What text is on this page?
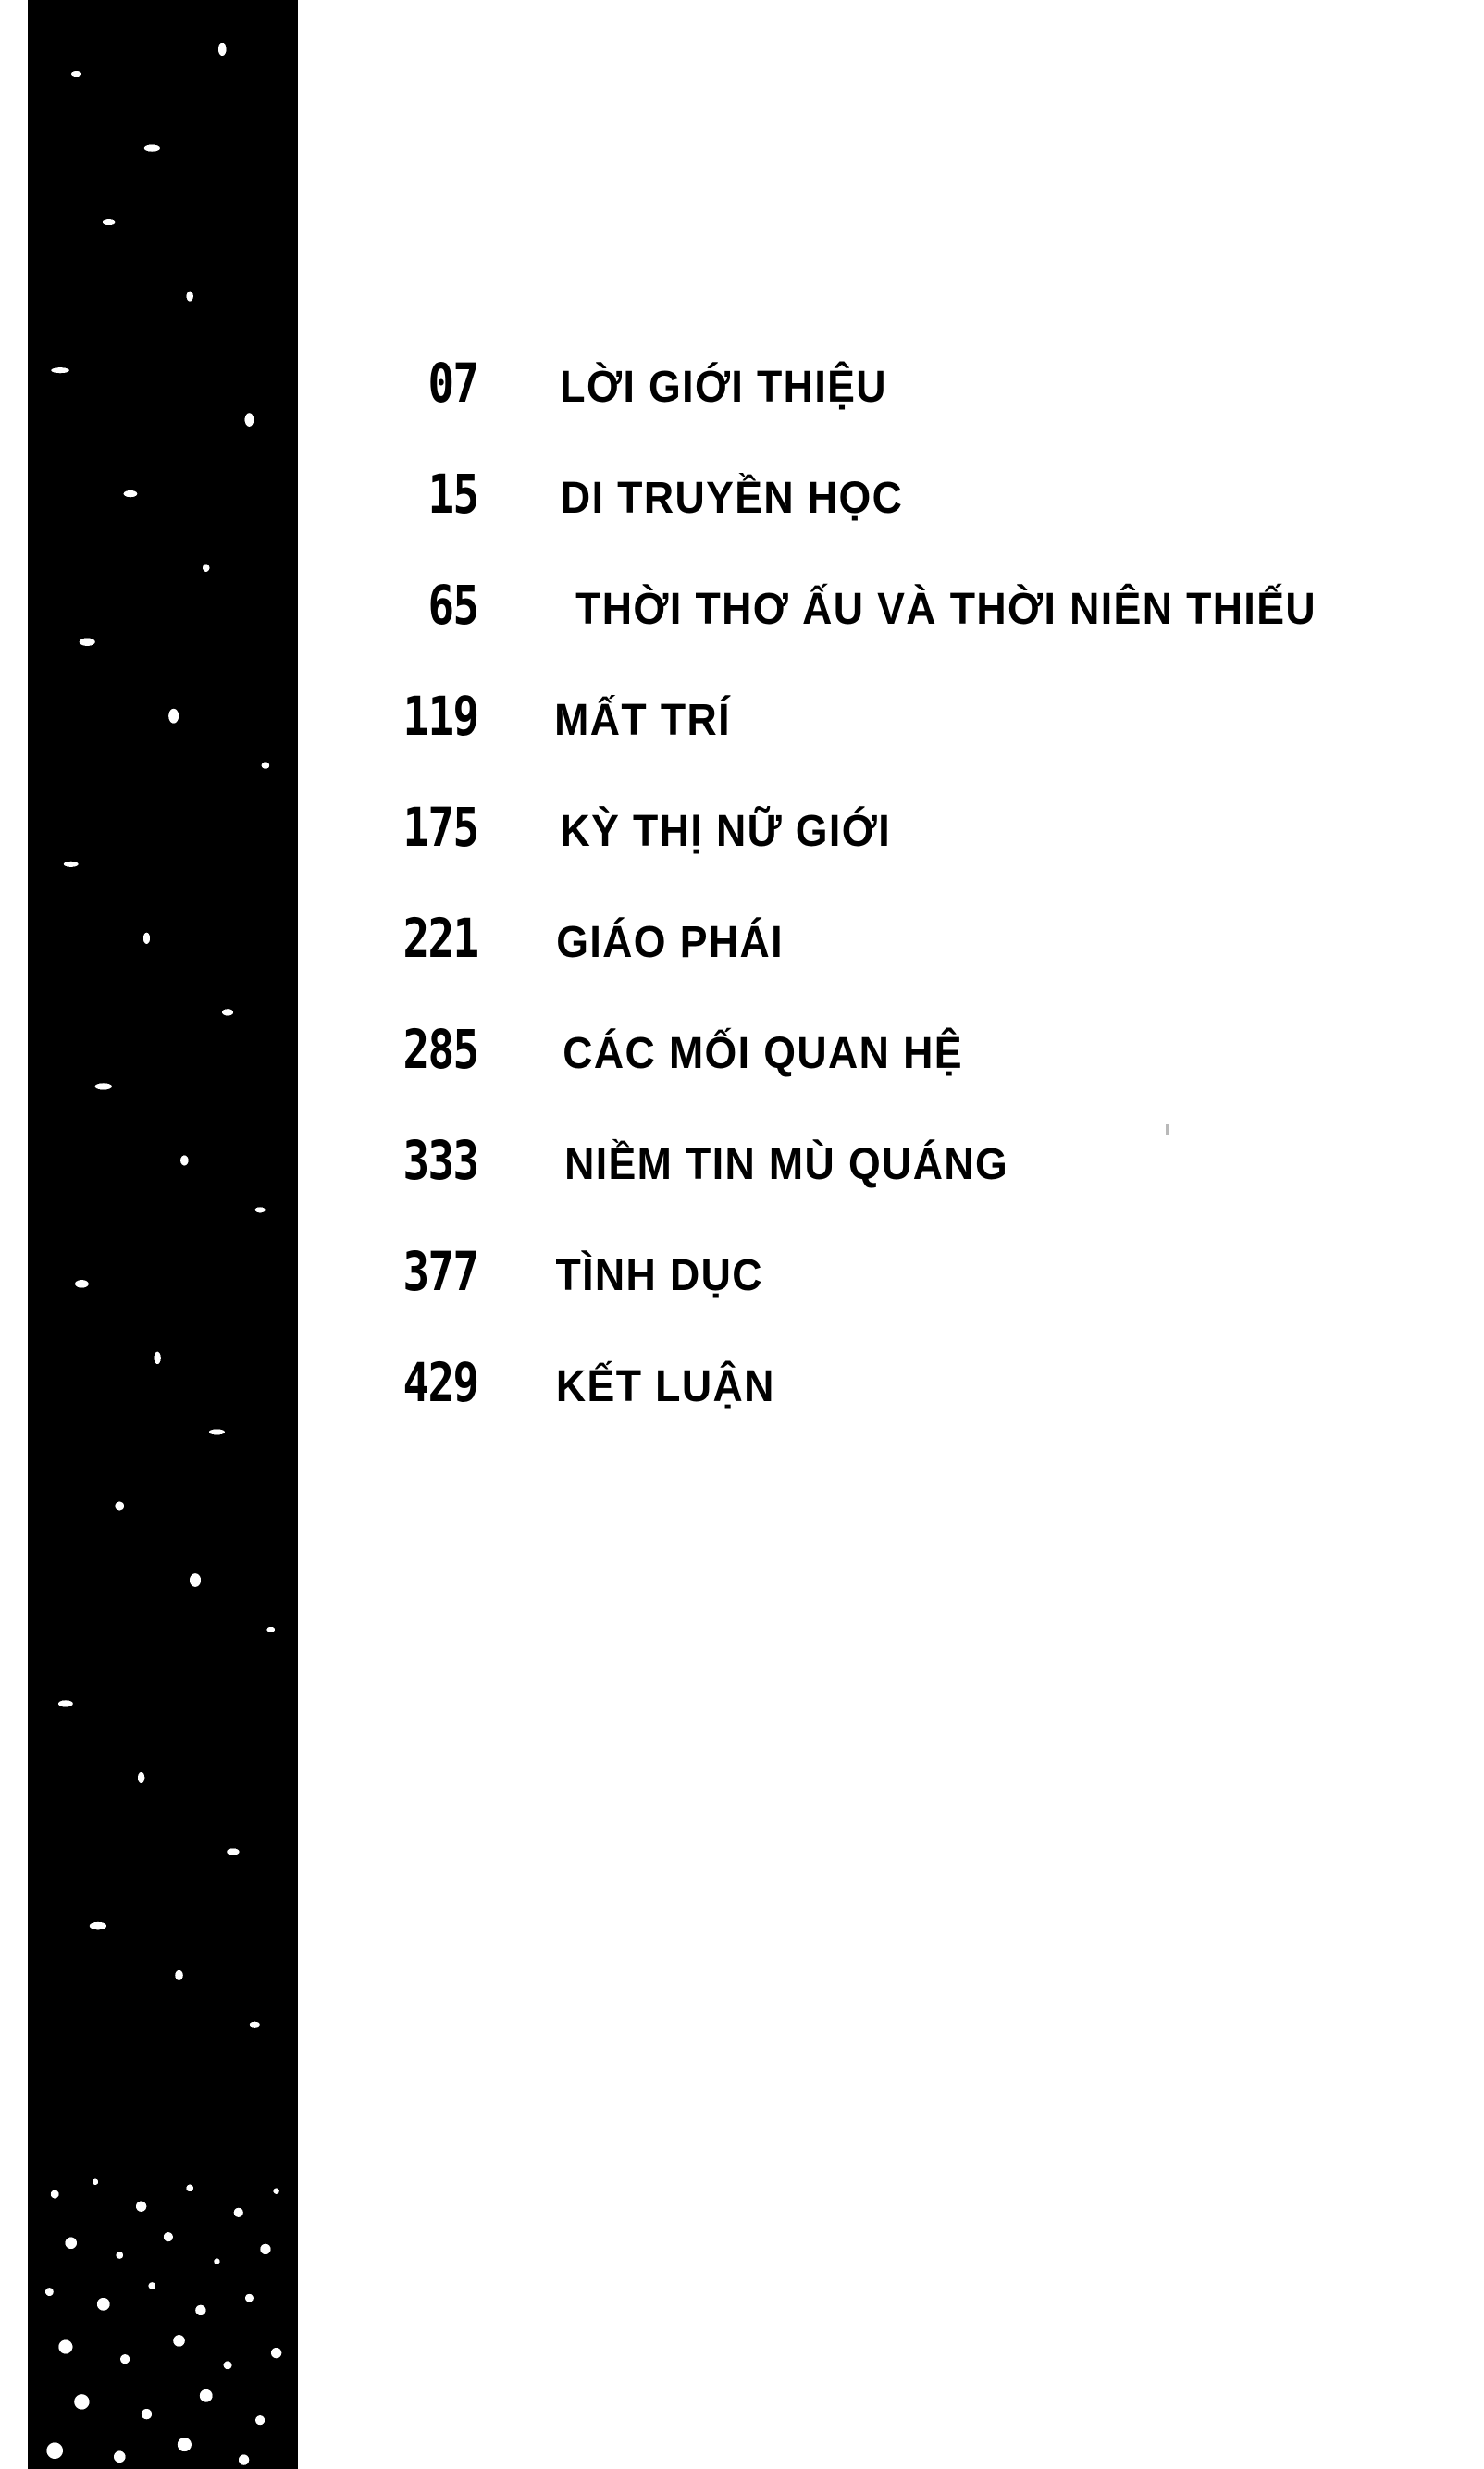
07 LỜI GIỚI THIỆU
15 DI TRUYỀN HỌC
65 THỜI THƠ ẤU VÀ THỜI NIÊN THIẾU
119 MẤT TRÍ
175 KỲ THỊ NỮ GIỚI
221 GIÁO PHÁI
285 CÁC MỐI QUAN HỆ
333 NIỀM TIN MÙ QUÁNG
377 TÌNH DỤC
429 KẾT LUẬN
